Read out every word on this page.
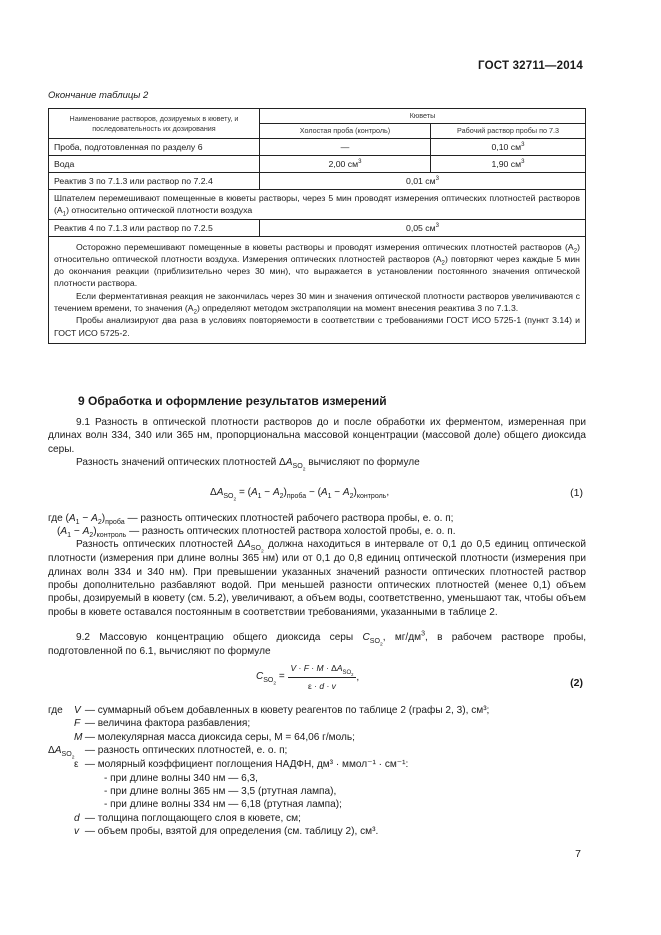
ГОСТ 32711—2014
Окончание таблицы 2
Наименование растворов, дозируемых в кювету, и последовательность их дозирования	Кюветы	
	Холостая проба (контроль)	Рабочий раствор пробы по 7.3
Проба, подготовленная по разделу 6	—	0,10 $см^3$
Вода	2,00 $см^3$	1,90 $см^3$
Реактив 3 по 7.1.3 или раствор по 7.2.4	0,01 $см^3$
Шпателем перемешивают помещенные в кюветы растворы, через 5 мин проводят измерения оптических плотностей растворов $(A_1)$ относительно оптической плотности воздуха		
Реактив 4 по 7.1.3 или раствор по 7.2.5	0,05 $см^3$

Осторожно перемешивают помещенные в кюветы растворы и проводят измерения оптических плотностей растворов $(A_2)$ относительно оптической плотности воздуха. Измерения оптических плотностей растворов $(A_2)$ повторяют через каждые 5 мин до окончания реакции (приблизительно через 30 мин), что выражается в установлении постоянного значения оптической плотности раствора.

Если ферментативная реакция не закончилась через 30 мин и значения оптической плотности растворов увеличиваются с течением времени, то значения $(A_2)$ определяют методом экстраполяции на момент внесения реактива 3 по 7.1.3.

Пробы анализируют два раза в условиях повторяемости в соответствии с требованиями ГОСТ ИСО 5725-1 (пункт 3.14) и ГОСТ ИСО 5725-2.		

9 Обработка и оформление результатов измерений
9.1 Разность в оптической плотности растворов до и после обработки их ферментом, измеренная при длинах волн 334, 340 или 365 нм, пропорциональна массовой концентрации (массовой доле) общего диоксида серы.
Разность значений оптических плотностей $\Delta A_{SO_2}$ вычисляют по формуле
$\Delta A_{SO_2} = (A_1 - A_2)_{проба} - (A_1 - A_2)_{контроль}$,	(1)
где $(A_1 - A_2)_{проба}$ — разность оптических плотностей рабочего раствора пробы, е. о. п;
$(A_1 - A_2)_{контроль}$ — разность оптических плотностей раствора холостой пробы, е. о. п.
Разность оптических плотностей $\Delta A_{SO_2}$ должна находиться в интервале от 0,1 до 0,5 единиц оптической плотности (измерения при длине волны 365 нм) или от 0,1 до 0,8 единиц оптической плотности (измерения при длинах волн 334 и 340 нм). При превышении указанных значений разности оптических плотностей раствор пробы дополнительно разбавляют водой. При меньшей разности оптических плотностей (менее 0,1) объем пробы, дозируемый в кювету (см. 5.2), увеличивают, а объем воды, соответственно, уменьшают так, чтобы объем пробы в кювете оставался постоянным в соответствии требованиями, указанными в таблице 2.
9.2 Массовую концентрацию общего диоксида серы $C_{SO_2}$, $мг/дм^3$, в рабочем растворе пробы, подготовленной по 6.1, вычисляют по формуле
$C_{SO_2} = \frac{V \cdot F \cdot M \cdot \Delta A_{SO_2}}{\varepsilon \cdot d \cdot v}$ ,	(2)
где V — суммарный объем добавленных в кювету реагентов по таблице 2 (графы 2, 3), см³;
F — величина фактора разбавления;
M — молекулярная масса диоксида серы, M = 64,06 г/моль;
$\Delta A_{SO_2}$ — разность оптических плотностей, е. о. п;
ε — молярный коэффициент поглощения НАДФН, дм³ · ммол⁻¹ · см⁻¹:
- при длине волны 340 нм — 6,3,
- при длине волны 365 нм — 3,5 (ртутная лампа),
- при длине волны 334 нм — 6,18 (ртутная лампа);
d — толщина поглощающего слоя в кювете, см;
v — объем пробы, взятой для определения (см. таблицу 2), см³.
7
